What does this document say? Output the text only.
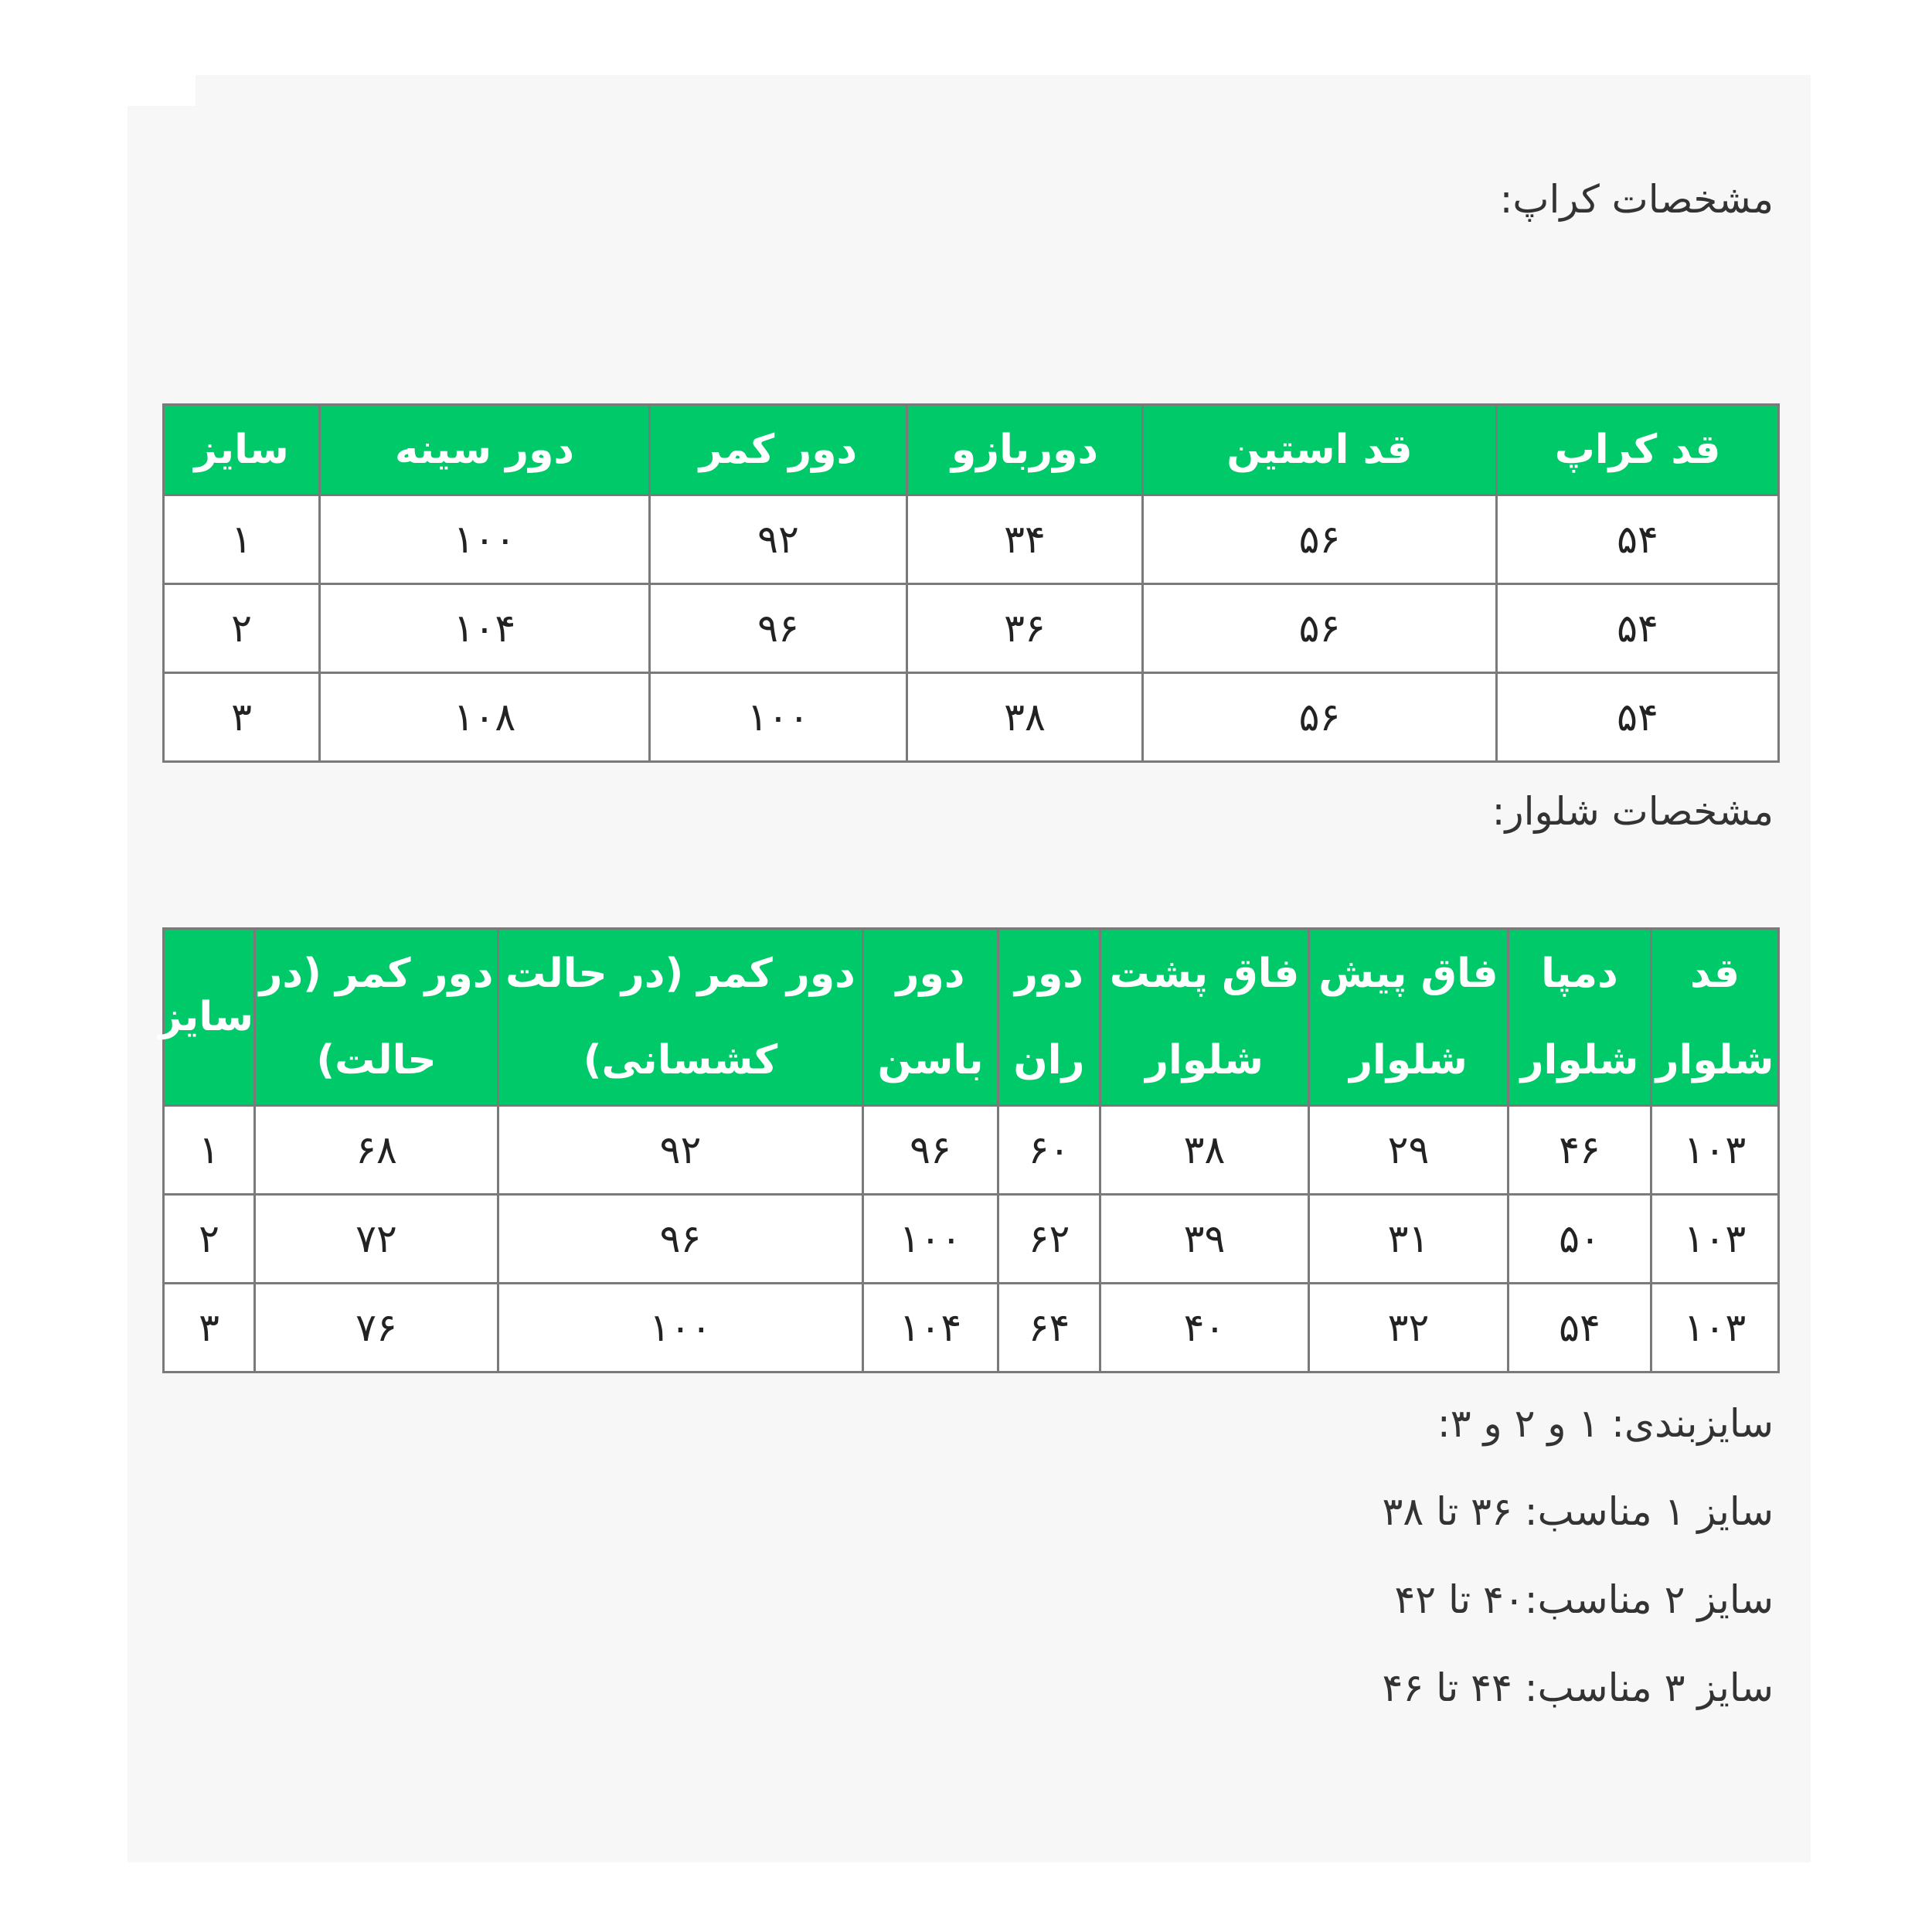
مشخصات کراپ:
قد کراپ	قد استین	دوربازو	دور کمر	دور سینه	سایز
۵۴	۵۶	۳۴	۹۲	۱۰۰	۱
۵۴	۵۶	۳۶	۹۶	۱۰۴	۲
۵۴	۵۶	۳۸	۱۰۰	۱۰۸	۳
مشخصات شلوار:
قد شلوار	دمپا شلوار	فاق پیش شلوار	فاق پشت شلوار	دور ران	دور باسن	دور کمر (در حالت کشسانی)	دور کمر (در حالت)	سایز
۱۰۳	۴۶	۲۹	۳۸	۶۰	۹۶	۹۲	۶۸	۱
۱۰۳	۵۰	۳۱	۳۹	۶۲	۱۰۰	۹۶	۷۲	۲
۱۰۳	۵۴	۳۲	۴۰	۶۴	۱۰۴	۱۰۰	۷۶	۳

سایزبندی: ۱ و ۲ و ۳:

سایز ۱ مناسب: ۳۶ تا ۳۸

سایز ۲ مناسب:۴۰ تا ۴۲

سایز ۳ مناسب: ۴۴ تا ۴۶
